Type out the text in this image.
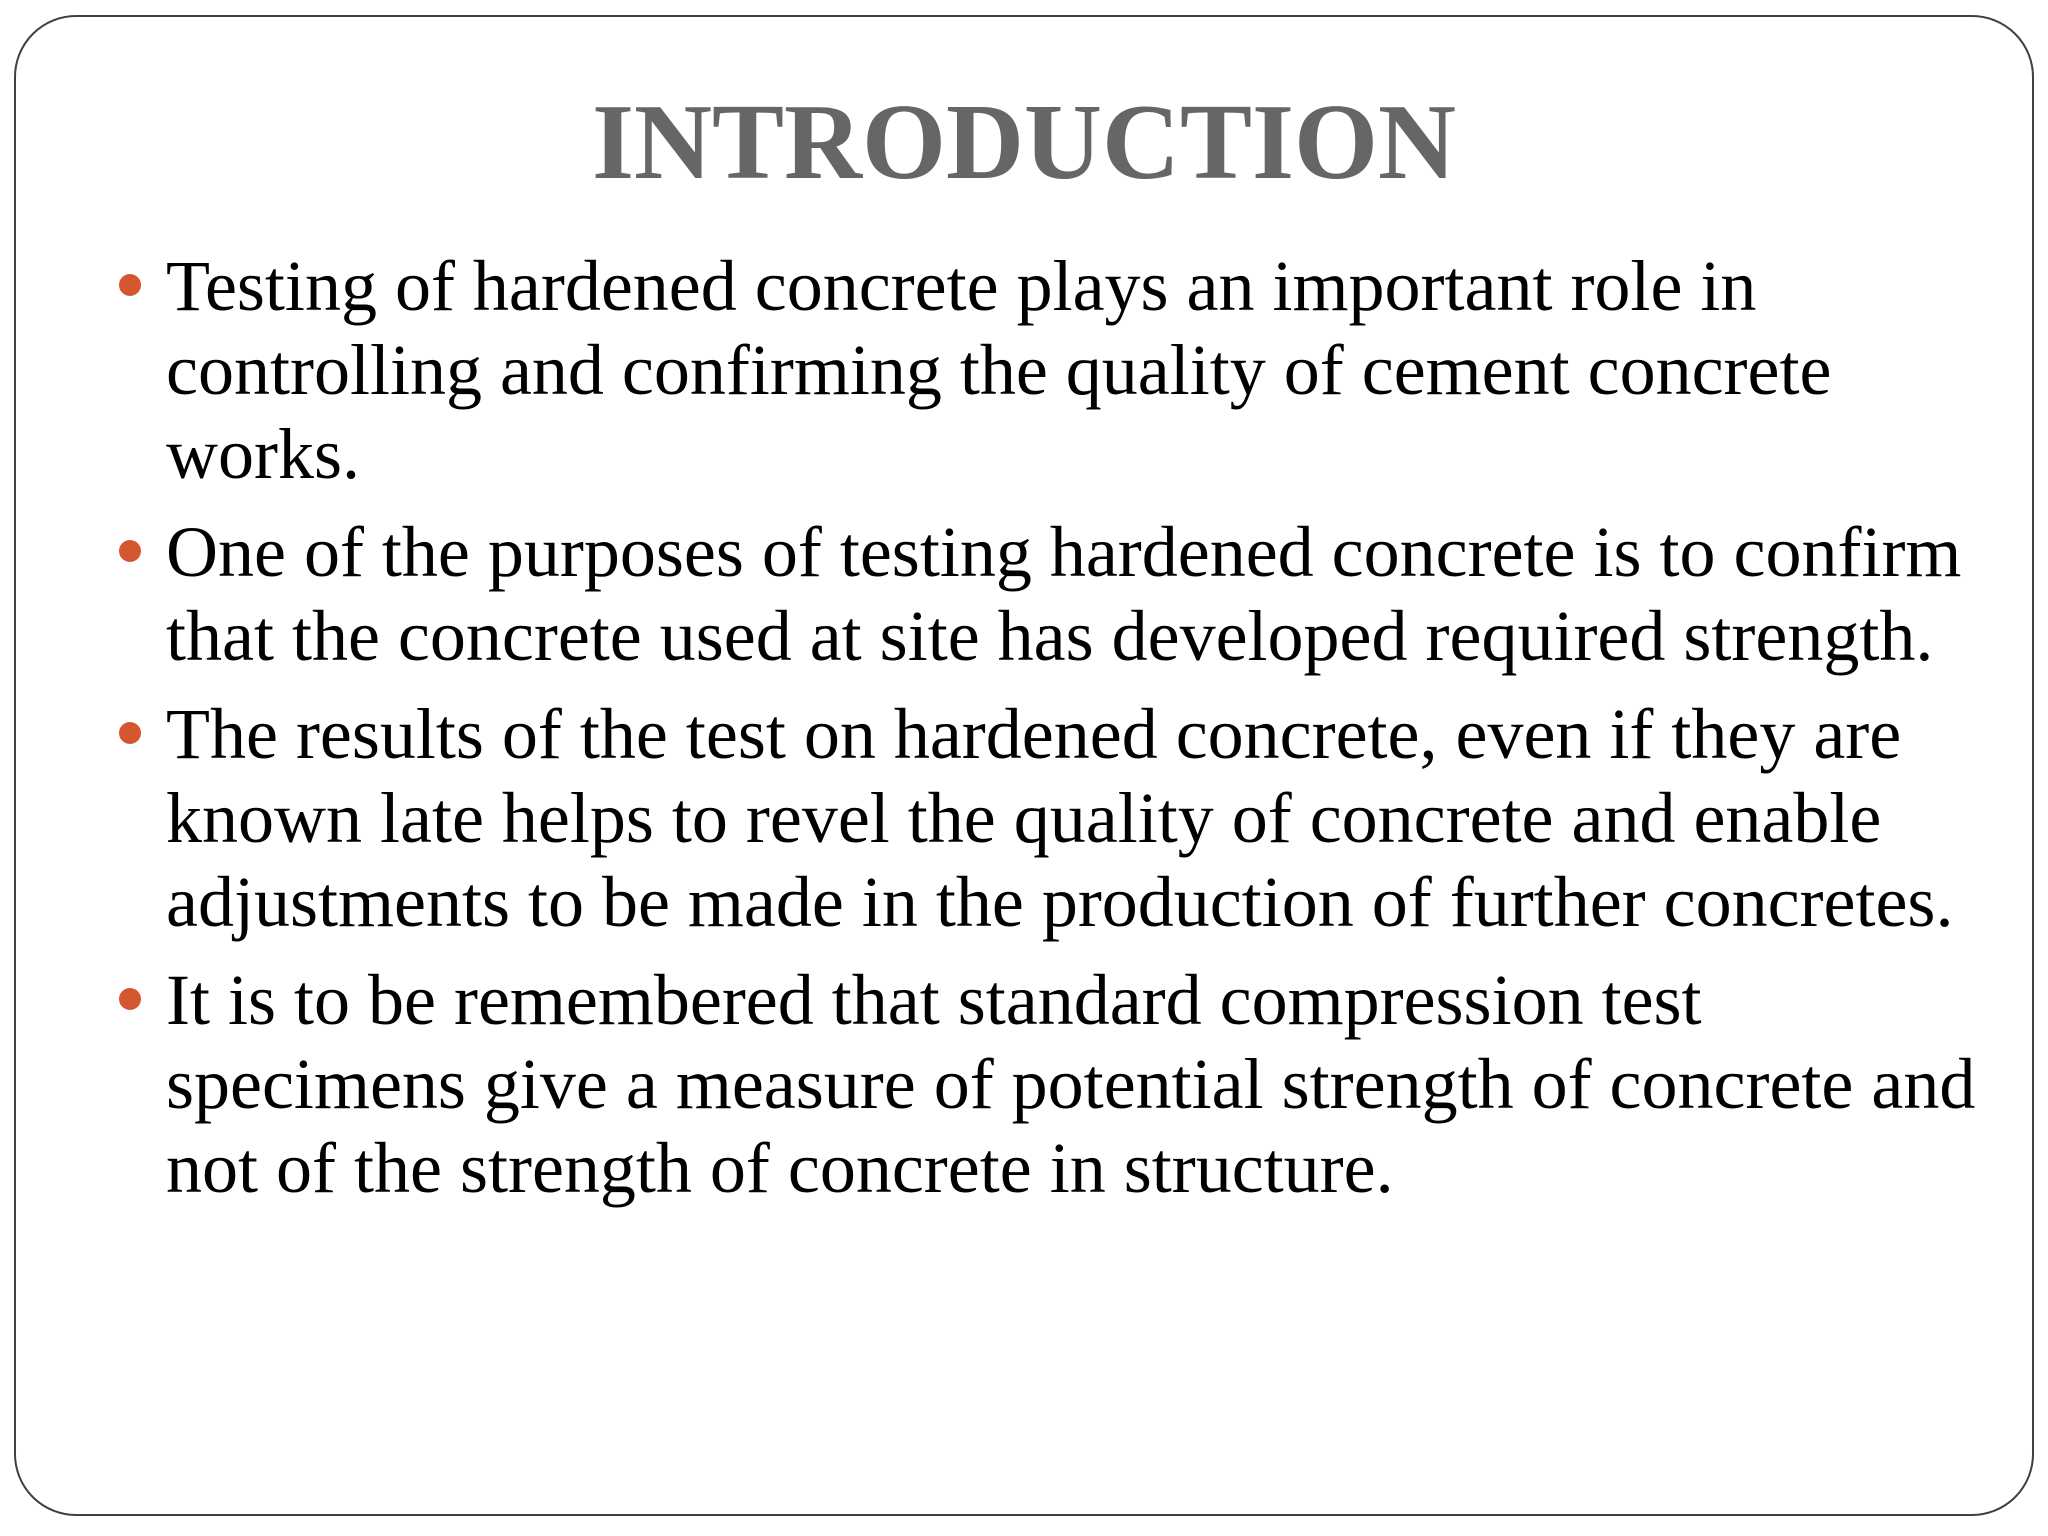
INTRODUCTION
Testing of hardened concrete plays an important role in controlling and confirming the quality of cement concrete works.
One of the purposes of testing hardened concrete is to confirm that the concrete used at site has developed required strength.
The results of the test on hardened concrete, even if they are known late helps to revel the quality of concrete and enable adjustments to be made in the production of further concretes.
It is to be remembered that standard compression test specimens give a measure of potential strength of concrete and not of the strength of concrete in structure.
